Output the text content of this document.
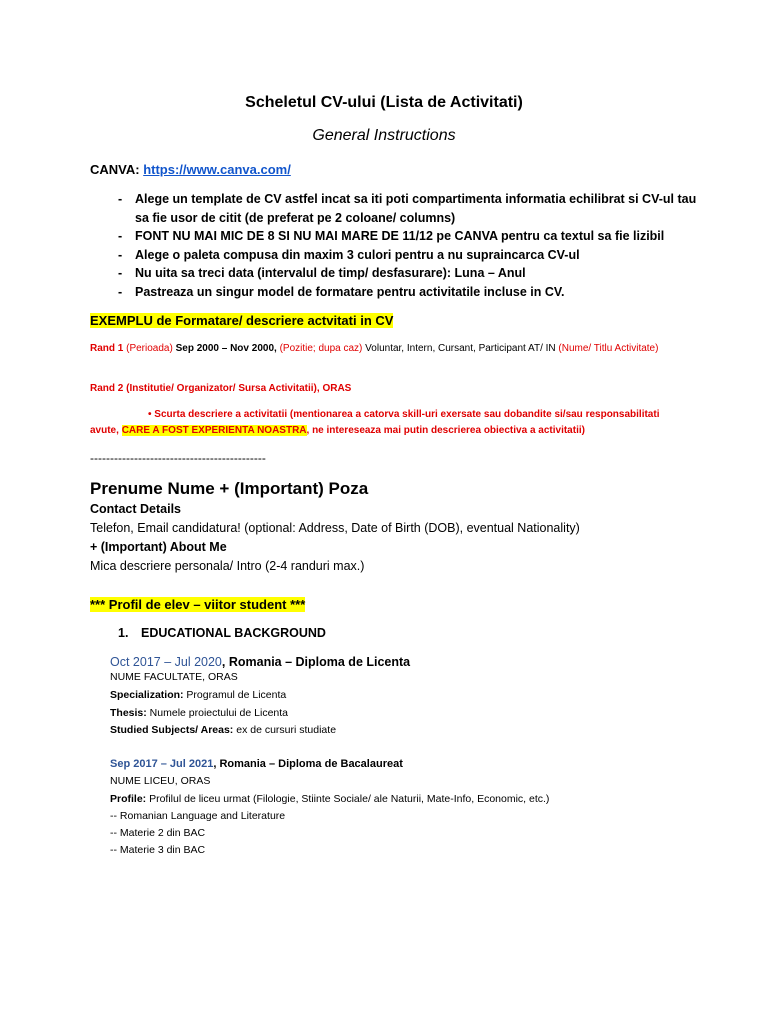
Scheletul CV-ului (Lista de Activitati)
General Instructions
CANVA: https://www.canva.com/
- Alege un template de CV astfel incat sa iti poti compartimenta informatia echilibrat si CV-ul tau sa fie usor de citit (de preferat pe 2 coloane/ columns)
- FONT NU MAI MIC DE 8 SI NU MAI MARE DE 11/12 pe CANVA pentru ca textul sa fie lizibil
- Alege o paleta compusa din maxim 3 culori pentru a nu supraincarca CV-ul
- Nu uita sa treci data (intervalul de timp/ desfasurare): Luna – Anul
- Pastreaza un singur model de formatare pentru activitatile incluse in CV.
EXEMPLU de Formatare/ descriere actvitati in CV
Rand 1 (Perioada) Sep 2000 – Nov 2000, (Pozitie; dupa caz) Voluntar, Intern, Cursant, Participant AT/ IN (Nume/ Titlu Activitate)
Rand 2 (Institutie/ Organizator/ Sursa Activitatii), ORAS
• Scurta descriere a activitatii (mentionarea a catorva skill-uri exersate sau dobandite si/sau responsabilitati avute, CARE A FOST EXPERIENTA NOASTRA, ne intereseaza mai putin descrierea obiectiva a activitatii)
--------------------------------------------
Prenume Nume + (Important) Poza
Contact Details
Telefon, Email candidatura! (optional: Address, Date of Birth (DOB), eventual Nationality)
+ (Important) About Me
Mica descriere personala/ Intro (2-4 randuri max.)
*** Profil de elev – viitor student ***
1. EDUCATIONAL BACKGROUND
Oct 2017 – Jul 2020, Romania – Diploma de Licenta
NUME FACULTATE, ORAS
Specialization: Programul de Licenta
Thesis: Numele proiectului de Licenta
Studied Subjects/ Areas: ex de cursuri studiate
Sep 2017 – Jul 2021, Romania – Diploma de Bacalaureat
NUME LICEU, ORAS
Profile: Profilul de liceu urmat (Filologie, Stiinte Sociale/ ale Naturii, Mate-Info, Economic, etc.)
-- Romanian Language and Literature
-- Materie 2 din BAC
-- Materie 3 din BAC
